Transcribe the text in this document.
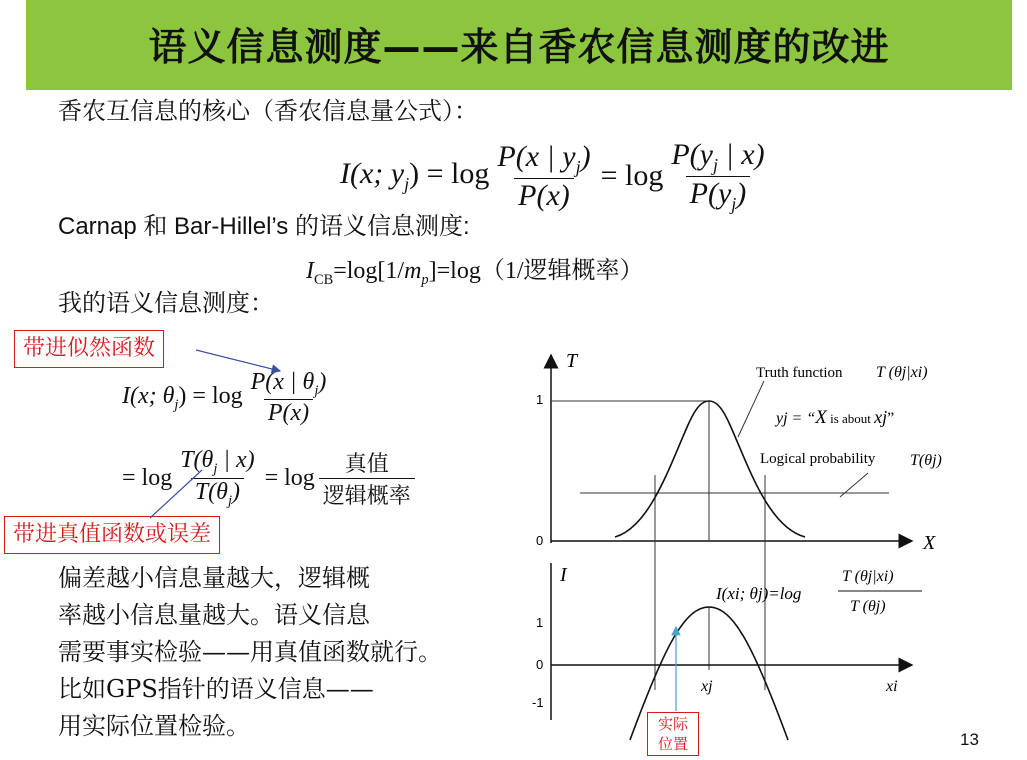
语义信息测度——来自香农信息测度的改进
香农互信息的核心（香农信息量公式）：
I(x; $y_j) = \log \frac{P(x | y_j)}{P(x)} = \log \frac{P(y_j | x)}{P(y_j)}$
Carnap 和 Bar-Hillel’s 的语义信息测度:
$I_{CB}=\log[1/m_p]=\log(1/$逻辑概率）
我的语义信息测度：
带进似然函数
I(x; $\theta_j) = \log \frac{P(x | \theta_j)}{P(x)}$
= $\log \frac{T(\theta_j | x)}{T(\theta_j)} = \log \frac{\text{真值}}{\text{逻辑概率}}$
带进真值函数或误差
偏差越小信息量越大，逻辑概
率越小信息量越大。语义信息
需要事实检验——用真值函数就行。
比如GPS指针的语义信息——
用实际位置检验。
T
X
1
0
Truth function T (θj|xi)
yj = “X is about xj”
Logical probability T(θj)
I
1
0
-1
I(xi; θj)=log
T (θj|xi)
T (θj)
xj	xi
实际
位置	13
